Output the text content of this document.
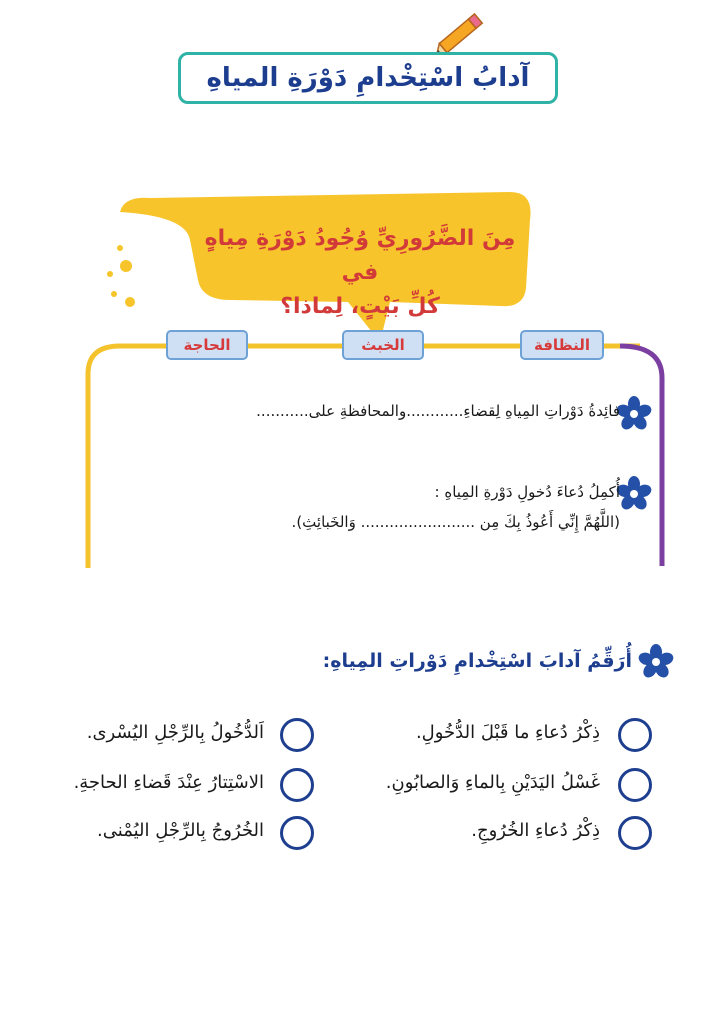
آدابُ اسْتِخْدامِ دَوْرَةِ المياهِ
مِنَ الضَّرُورِيِّ وُجُودُ دَوْرَةِ مِياهٍ في
كُلِّ بَيْتٍ، لِماذا؟
النظافة
الخبث
الحاجة
فائِدةُ دَوْراتِ المِياهِ لِقضاءِ............والمحافظةِ على...........
أُكمِلُ دُعاءَ دُخولِ دَوْرةِ المِياهِ :
(اللَّهُمَّ إِنِّي أَعُوذُ بِكَ مِن ........................ وَالخَبائِثِ).
أُرَقِّمُ آدابَ اسْتِخْدامِ دَوْراتِ المِياهِ:
ذِكْرُ دُعاءِ ما قَبْلَ الدُّخُولِ.
غَسْلُ اليَدَيْنِ بِالماءِ وَالصابُونِ.
ذِكْرُ دُعاءِ الخُرُوجِ.
اَلدُّخُولُ بِالرِّجْلِ اليُسْرى.
الاسْتِتارُ عِنْدَ قَضاءِ الحاجةِ.
الخُرُوجُ بِالرِّجْلِ اليُمْنى.
